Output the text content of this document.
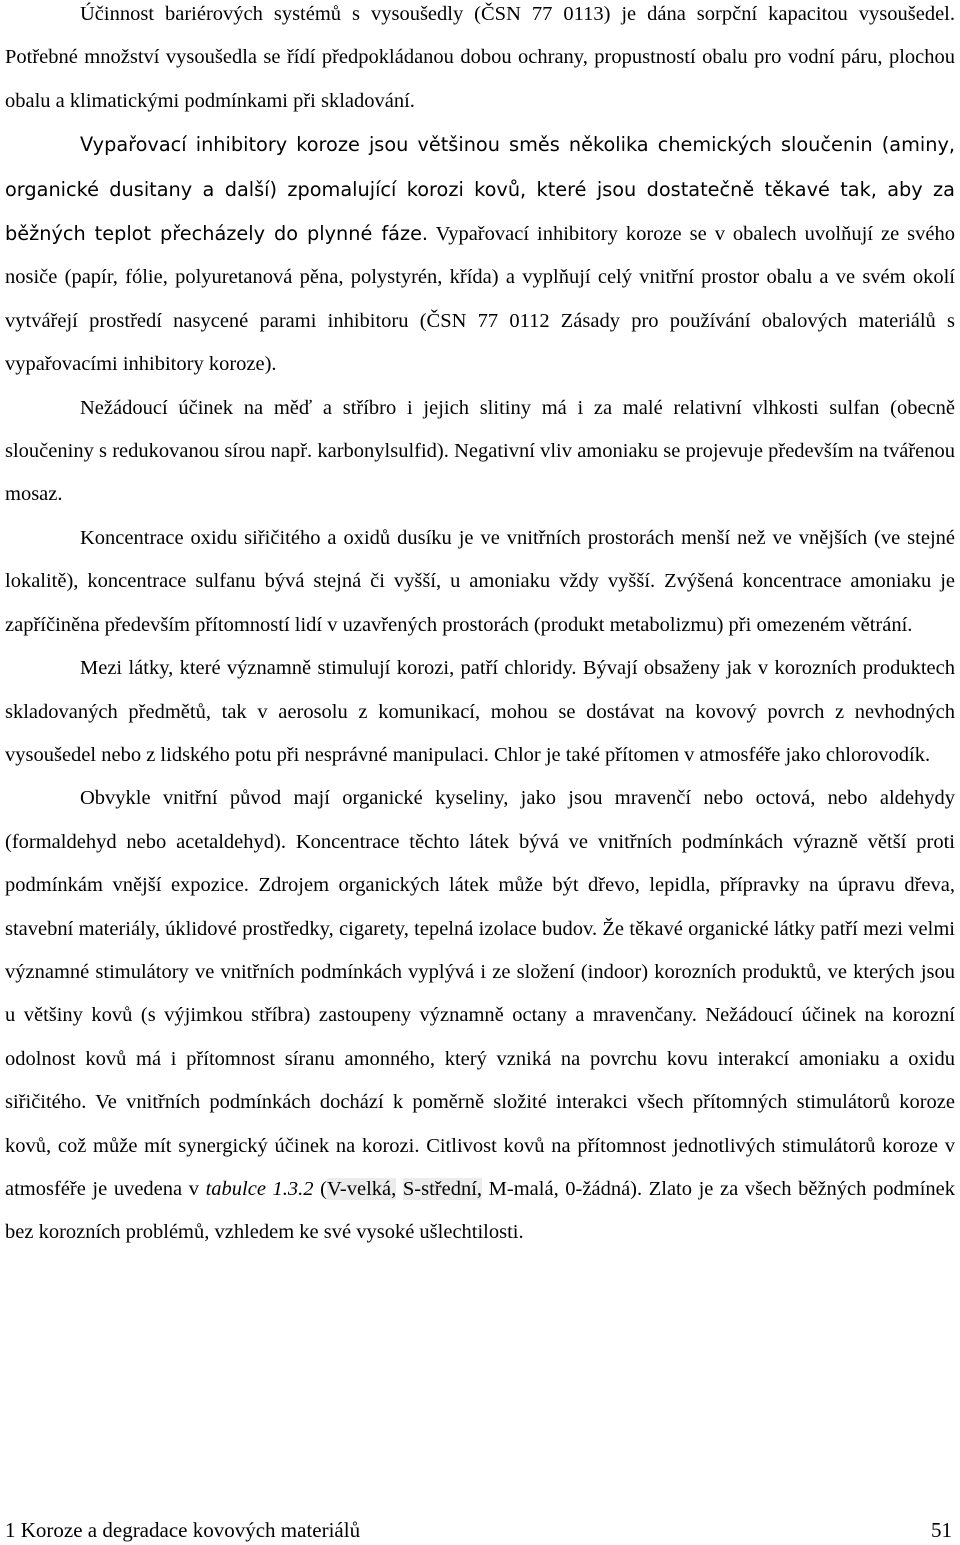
Účinnost bariérových systémů s vysoušedly (ČSN 77 0113) je dána sorpční kapacitou vysoušedel. Potřebné množství vysoušedla se řídí předpokládanou dobou ochrany, propustností obalu pro vodní páru, plochou obalu a klimatickými podmínkami při skladování.

Vypařovací inhibitory koroze jsou většinou směs několika chemických sloučenin (aminy, organické dusitany a další) zpomalující korozi kovů, které jsou dostatečně těkavé tak, aby za běžných teplot přecházely do plynné fáze. Vypařovací inhibitory koroze se v obalech uvolňují ze svého nosiče (papír, fólie, polyuretanová pěna, polystyrén, křída) a vyplňují celý vnitřní prostor obalu a ve svém okolí vytvářejí prostředí nasycené parami inhibitoru (ČSN 77 0112 Zásady pro používání obalových materiálů s vypařovacími inhibitory koroze).

Nežádoucí účinek na měď a stříbro i jejich slitiny má i za malé relativní vlhkosti sulfan (obecně sloučeniny s redukovanou sírou např. karbonylsulfid). Negativní vliv amoniaku se projevuje především na tvářenou mosaz.

Koncentrace oxidu siřičitého a oxidů dusíku je ve vnitřních prostorách menší než ve vnějších (ve stejné lokalitě), koncentrace sulfanu bývá stejná či vyšší, u amoniaku vždy vyšší. Zvýšená koncentrace amoniaku je zapříčiněna především přítomností lidí v uzavřených prostorách (produkt metabolizmu) při omezeném větrání.

Mezi látky, které významně stimulují korozi, patří chloridy. Bývají obsaženy jak v korozních produktech skladovaných předmětů, tak v aerosolu z komunikací, mohou se dostávat na kovový povrch z nevhodných vysoušedel nebo z lidského potu při nesprávné manipulaci. Chlor je také přítomen v atmosféře jako chlorovodík.

Obvykle vnitřní původ mají organické kyseliny, jako jsou mravenčí nebo octová, nebo aldehydy (formaldehyd nebo acetaldehyd). Koncentrace těchto látek bývá ve vnitřních podmínkách výrazně větší proti podmínkám vnější expozice. Zdrojem organických látek může být dřevo, lepidla, přípravky na úpravu dřeva, stavební materiály, úklidové prostředky, cigarety, tepelná izolace budov. Že těkavé organické látky patří mezi velmi významné stimulátory ve vnitřních podmínkách vyplývá i ze složení (indoor) korozních produktů, ve kterých jsou u většiny kovů (s výjimkou stříbra) zastoupeny významně octany a mravenčany. Nežádoucí účinek na korozní odolnost kovů má i přítomnost síranu amonného, který vzniká na povrchu kovu interakcí amoniaku a oxidu siřičitého. Ve vnitřních podmínkách dochází k poměrně složité interakci všech přítomných stimulátorů koroze kovů, což může mít synergický účinek na korozi. Citlivost kovů na přítomnost jednotlivých stimulátorů koroze v atmosféře je uvedena v tabulce 1.3.2 (V-velká, S-střední, M-malá, 0-žádná). Zlato je za všech běžných podmínek bez korozních problémů, vzhledem ke své vysoké ušlechtilosti.

1 Koroze a degradace kovových materiálů	51
